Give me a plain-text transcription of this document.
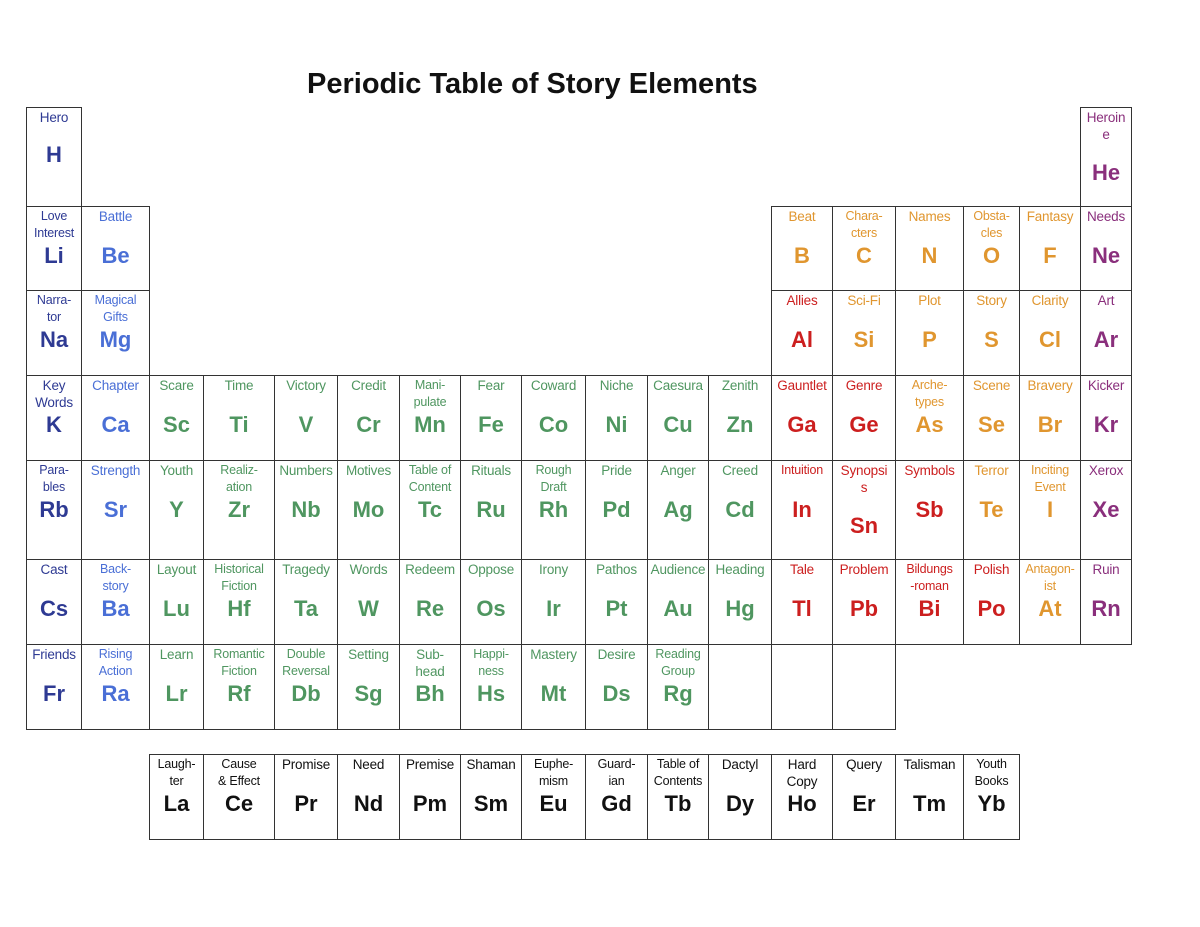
Periodic Table of Story Elements
Hero
H
Heroin
e
He
Love
Interest
Li
Battle
Be
Beat
B
Chara-
cters
C
Names
N
Obsta-
cles
O
Fantasy
F
Needs
Ne
Narra-
tor
Na
Magical
Gifts
Mg
Allies
Al
Sci-Fi
Si
Plot
P
Story
S
Clarity
Cl
Art
Ar
Key
Words
K
Chapter
Ca
Scare
Sc
Time
Ti
Victory
V
Credit
Cr
Mani-
pulate
Mn
Fear
Fe
Coward
Co
Niche
Ni
Caesura
Cu
Zenith
Zn
Gauntlet
Ga
Genre
Ge
Arche-
types
As
Scene
Se
Bravery
Br
Kicker
Kr
Para-
bles
Rb
Strength
Sr
Youth
Y
Realiz-
ation
Zr
Numbers
Nb
Motives
Mo
Table of
Content
Tc
Rituals
Ru
Rough
Draft
Rh
Pride
Pd
Anger
Ag
Creed
Cd
Intuition
In
Synopsi
s
Sn
Symbols
Sb
Terror
Te
Inciting
Event
I
Xerox
Xe
Cast
Cs
Back-
story
Ba
Layout
Lu
Historical
Fiction
Hf
Tragedy
Ta
Words
W
Redeem
Re
Oppose
Os
Irony
Ir
Pathos
Pt
Audience
Au
Heading
Hg
Tale
Tl
Problem
Pb
Bildungs
-roman
Bi
Polish
Po
Antagon-
ist
At
Ruin
Rn
Friends
Fr
Rising
Action
Ra
Learn
Lr
Romantic
Fiction
Rf
Double
Reversal
Db
Setting
Sg
Sub-
head
Bh
Happi-
ness
Hs
Mastery
Mt
Desire
Ds
Reading
Group
Rg
Laugh-
ter
La
Cause
& Effect
Ce
Promise
Pr
Need
Nd
Premise
Pm
Shaman
Sm
Euphe-
mism
Eu
Guard-
ian
Gd
Table of
Contents
Tb
Dactyl
Dy
Hard
Copy
Ho
Query
Er
Talisman
Tm
Youth
Books
Yb
